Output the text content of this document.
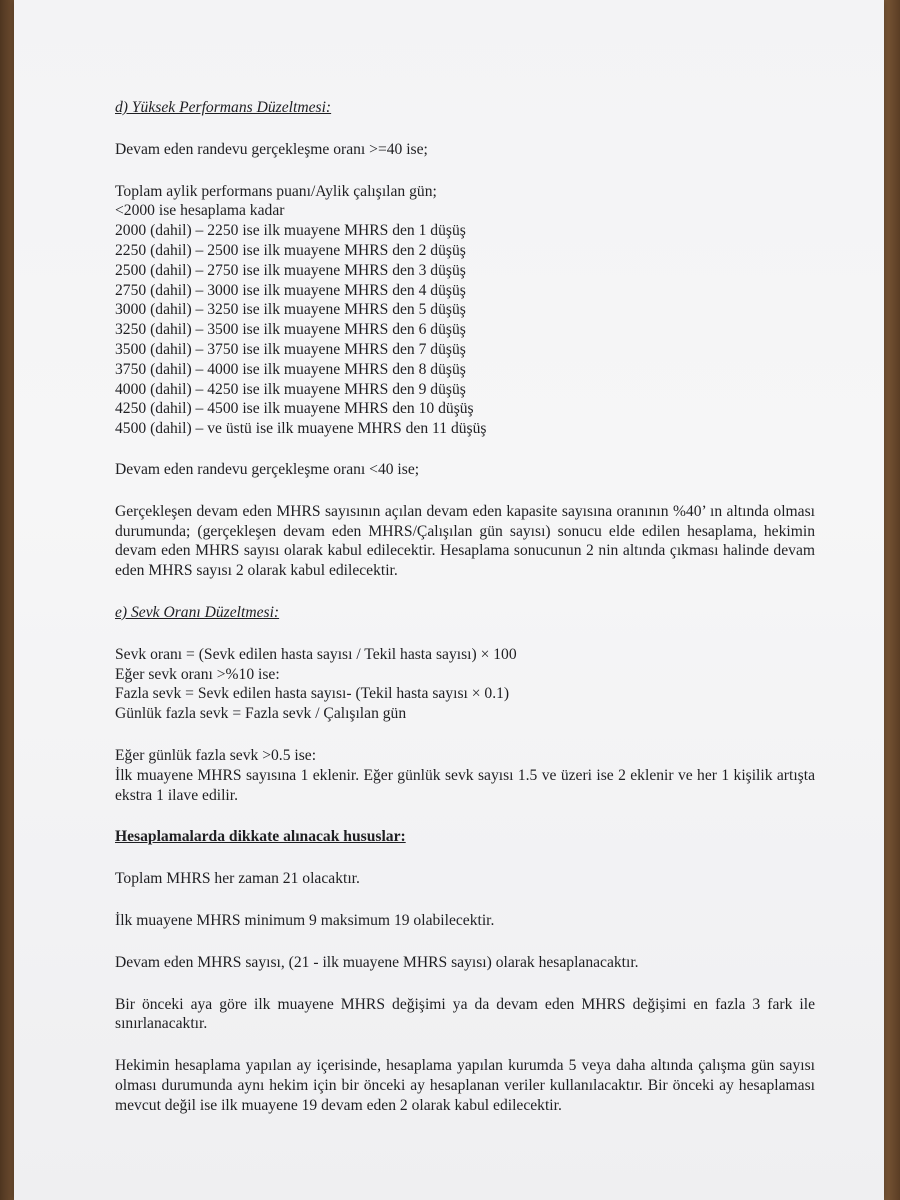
d) Yüksek Performans Düzeltmesi:
Devam eden randevu gerçekleşme oranı >=40 ise;
Toplam aylik performans puanı/Aylik çalışılan gün;
<2000 ise hesaplama kadar
2000 (dahil) – 2250 ise ilk muayene MHRS den 1 düşüş
2250 (dahil) – 2500 ise ilk muayene MHRS den 2 düşüş
2500 (dahil) – 2750 ise ilk muayene MHRS den 3 düşüş
2750 (dahil) – 3000 ise ilk muayene MHRS den 4 düşüş
3000 (dahil) – 3250 ise ilk muayene MHRS den 5 düşüş
3250 (dahil) – 3500 ise ilk muayene MHRS den 6 düşüş
3500 (dahil) – 3750 ise ilk muayene MHRS den 7 düşüş
3750 (dahil) – 4000 ise ilk muayene MHRS den 8 düşüş
4000 (dahil) – 4250 ise ilk muayene MHRS den 9 düşüş
4250 (dahil) – 4500 ise ilk muayene MHRS den 10 düşüş
4500 (dahil) – ve üstü ise ilk muayene MHRS den 11 düşüş
Devam eden randevu gerçekleşme oranı <40 ise;
Gerçekleşen devam eden MHRS sayısının açılan devam eden kapasite sayısına oranının %40’ ın altında olması durumunda; (gerçekleşen devam eden MHRS/Çalışılan gün sayısı) sonucu elde edilen hesaplama, hekimin devam eden MHRS sayısı olarak kabul edilecektir. Hesaplama sonucunun 2 nin altında çıkması halinde devam eden MHRS sayısı 2 olarak kabul edilecektir.
e) Sevk Oranı Düzeltmesi:
Sevk oranı = (Sevk edilen hasta sayısı / Tekil hasta sayısı) × 100
Eğer sevk oranı >%10 ise:
Fazla sevk = Sevk edilen hasta sayısı- (Tekil hasta sayısı × 0.1)
Günlük fazla sevk = Fazla sevk / Çalışılan gün
Eğer günlük fazla sevk >0.5 ise:
İlk muayene MHRS sayısına 1 eklenir. Eğer günlük sevk sayısı 1.5 ve üzeri ise 2 eklenir ve her 1 kişilik artışta ekstra 1 ilave edilir.
Hesaplamalarda dikkate alınacak hususlar:
Toplam MHRS her zaman 21 olacaktır.
İlk muayene MHRS minimum 9 maksimum 19 olabilecektir.
Devam eden MHRS sayısı, (21 - ilk muayene MHRS sayısı) olarak hesaplanacaktır.
Bir önceki aya göre ilk muayene MHRS değişimi ya da devam eden MHRS değişimi en fazla 3 fark ile sınırlanacaktır.
Hekimin hesaplama yapılan ay içerisinde, hesaplama yapılan kurumda 5 veya daha altında çalışma gün sayısı olması durumunda aynı hekim için bir önceki ay hesaplanan veriler kullanılacaktır. Bir önceki ay hesaplaması mevcut değil ise ilk muayene 19 devam eden 2 olarak kabul edilecektir.
